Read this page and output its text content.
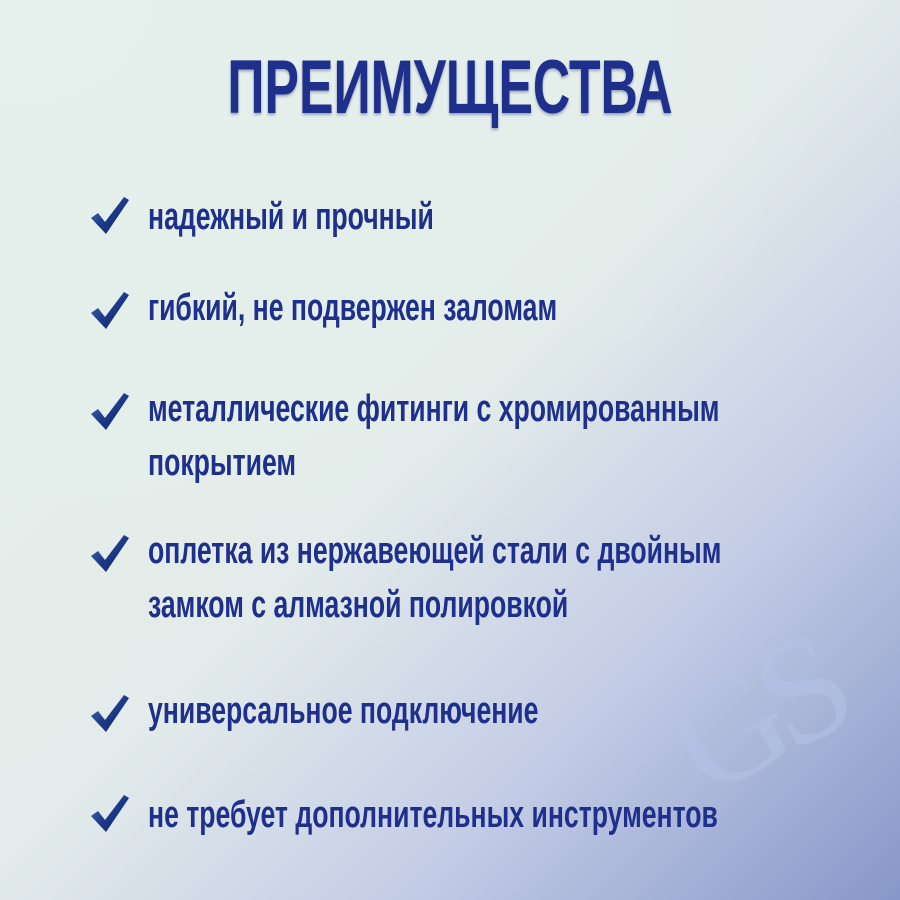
GS
ПРЕИМУЩЕСТВА
надежный и прочный
гибкий, не подвержен заломам
металлические фитинги с хромированным
покрытием
оплетка из нержавеющей стали с двойным
замком с алмазной полировкой
универсальное подключение
не требует дополнительных инструментов
